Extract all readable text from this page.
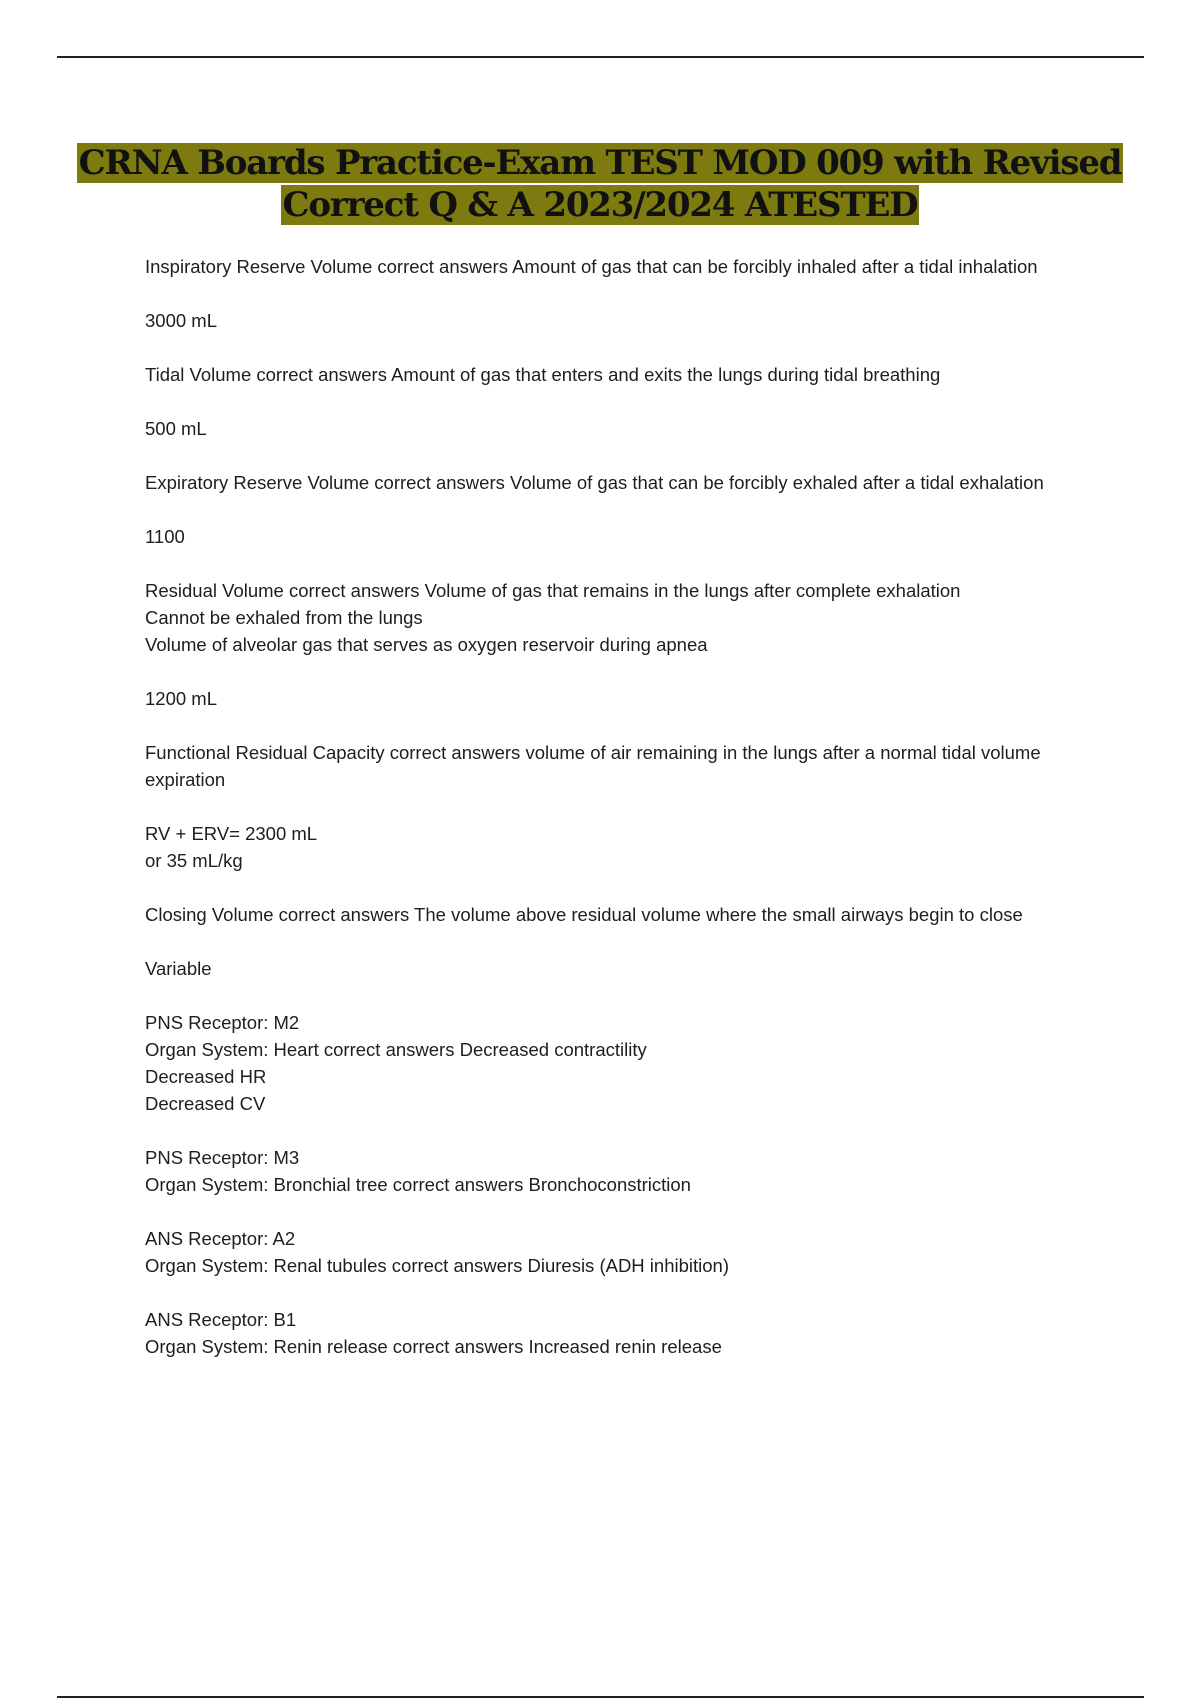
CRNA Boards Practice-Exam TEST MOD 009 with Revised
Correct Q & A 2023/2024 ATESTED
Inspiratory Reserve Volume correct answers Amount of gas that can be forcibly inhaled after a tidal inhalation
3000 mL
Tidal Volume correct answers Amount of gas that enters and exits the lungs during tidal breathing
500 mL
Expiratory Reserve Volume correct answers Volume of gas that can be forcibly exhaled after a tidal exhalation
1100
Residual Volume correct answers Volume of gas that remains in the lungs after complete exhalation
Cannot be exhaled from the lungs
Volume of alveolar gas that serves as oxygen reservoir during apnea
1200 mL
Functional Residual Capacity correct answers volume of air remaining in the lungs after a normal tidal volume expiration
RV + ERV= 2300 mL
or 35 mL/kg
Closing Volume correct answers The volume above residual volume where the small airways begin to close
Variable
PNS Receptor: M2
Organ System: Heart correct answers Decreased contractility
Decreased HR
Decreased CV
PNS Receptor: M3
Organ System: Bronchial tree correct answers Bronchoconstriction
ANS Receptor: A2
Organ System: Renal tubules correct answers Diuresis (ADH inhibition)
ANS Receptor: B1
Organ System: Renin release correct answers Increased renin release
